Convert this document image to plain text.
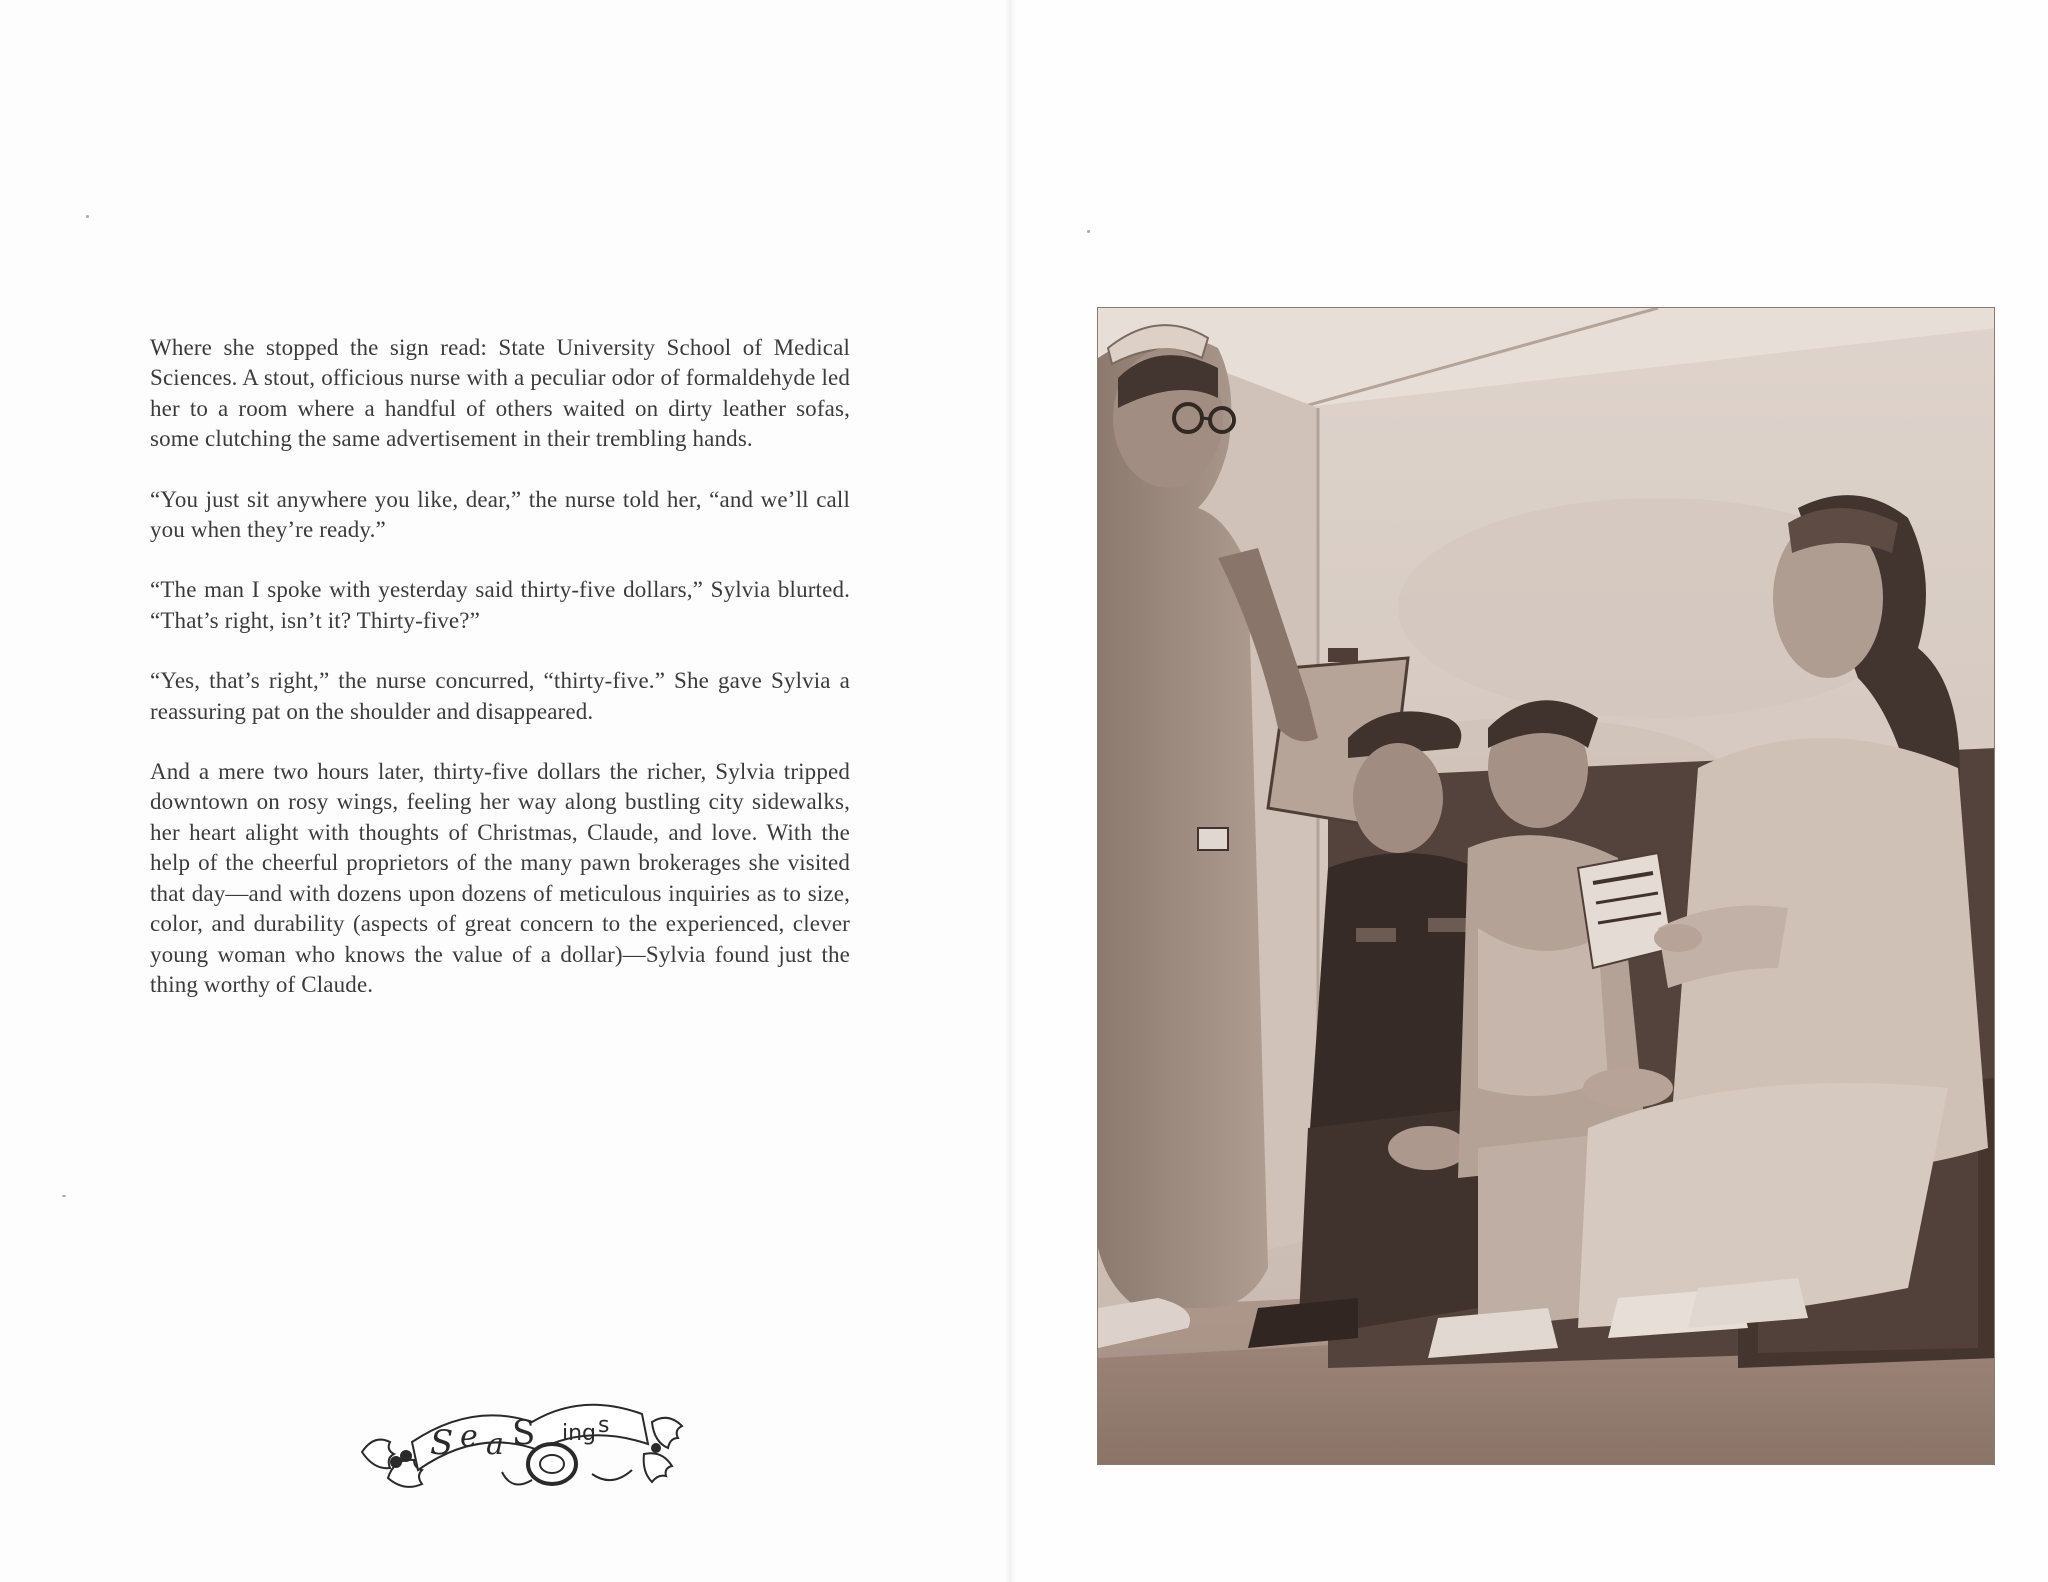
Where she stopped the sign read: State University School of Medical Sciences. A stout, officious nurse with a peculiar odor of formaldehyde led her to a room where a handful of others waited on dirty leather sofas, some clutching the same advertisement in their trembling hands.

“You just sit anywhere you like, dear,” the nurse told her, “and we’ll call you when they’re ready.”

“The man I spoke with yesterday said thirty-five dollars,” Sylvia blurted. “That’s right, isn’t it? Thirty-five?”

“Yes, that’s right,” the nurse concurred, “thirty-five.” She gave Sylvia a reassuring pat on the shoulder and disappeared.

And a mere two hours later, thirty-five dollars the richer, Sylvia tripped downtown on rosy wings, feeling her way along bustling city sidewalks, her heart alight with thoughts of Christmas, Claude, and love. With the help of the cheerful proprietors of the many pawn brokerages she visited that day—and with dozens upon dozens of meticulous inquiries as to size, color, and durability (aspects of great concern to the experienced, clever young woman who knows the value of a dollar)—Sylvia found just the thing worthy of Claude.

S e a S ing s
